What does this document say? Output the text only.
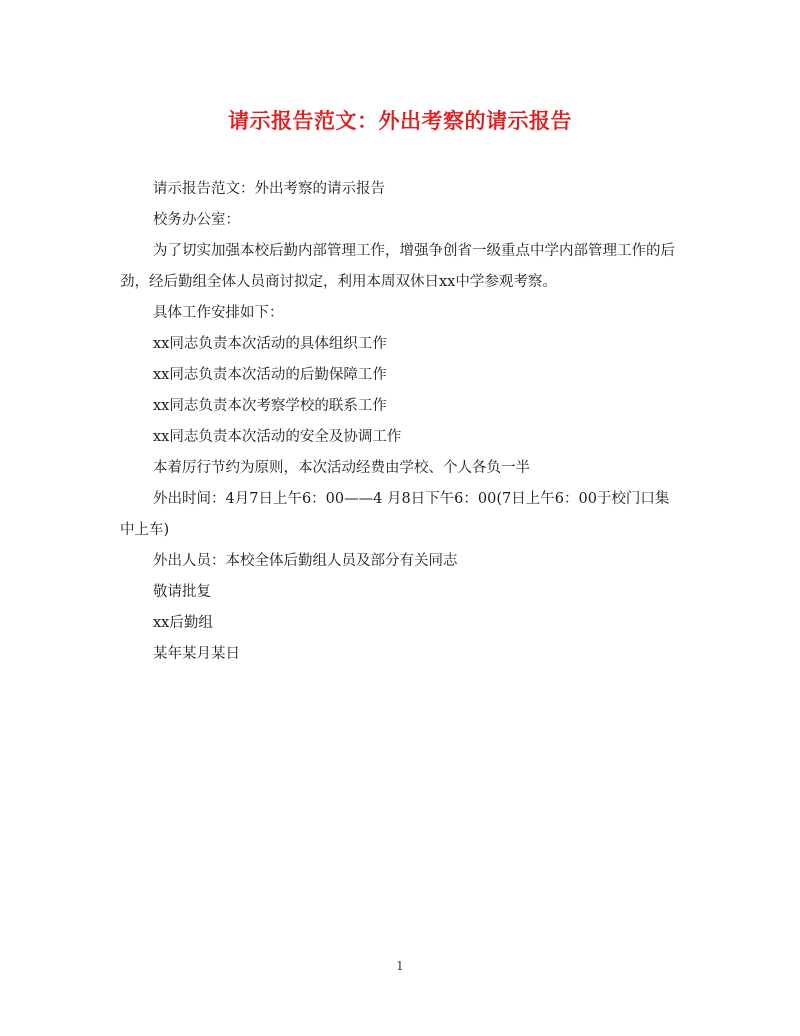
请示报告范文：外出考察的请示报告

请示报告范文：外出考察的请示报告

校务办公室：

为了切实加强本校后勤内部管理工作，增强争创省一级重点中学内部管理工作的后劲，经后勤组全体人员商讨拟定，利用本周双休日xx中学参观考察。

具体工作安排如下：

xx同志负责本次活动的具体组织工作

xx同志负责本次活动的后勤保障工作

xx同志负责本次考察学校的联系工作

xx同志负责本次活动的安全及协调工作

本着厉行节约为原则，本次活动经费由学校、个人各负一半

外出时间：4月7日上午6：00——4 月8日下午6：00(7日上午6：00于校门口集中上车)

外出人员：本校全体后勤组人员及部分有关同志

敬请批复

xx后勤组

某年某月某日

1
